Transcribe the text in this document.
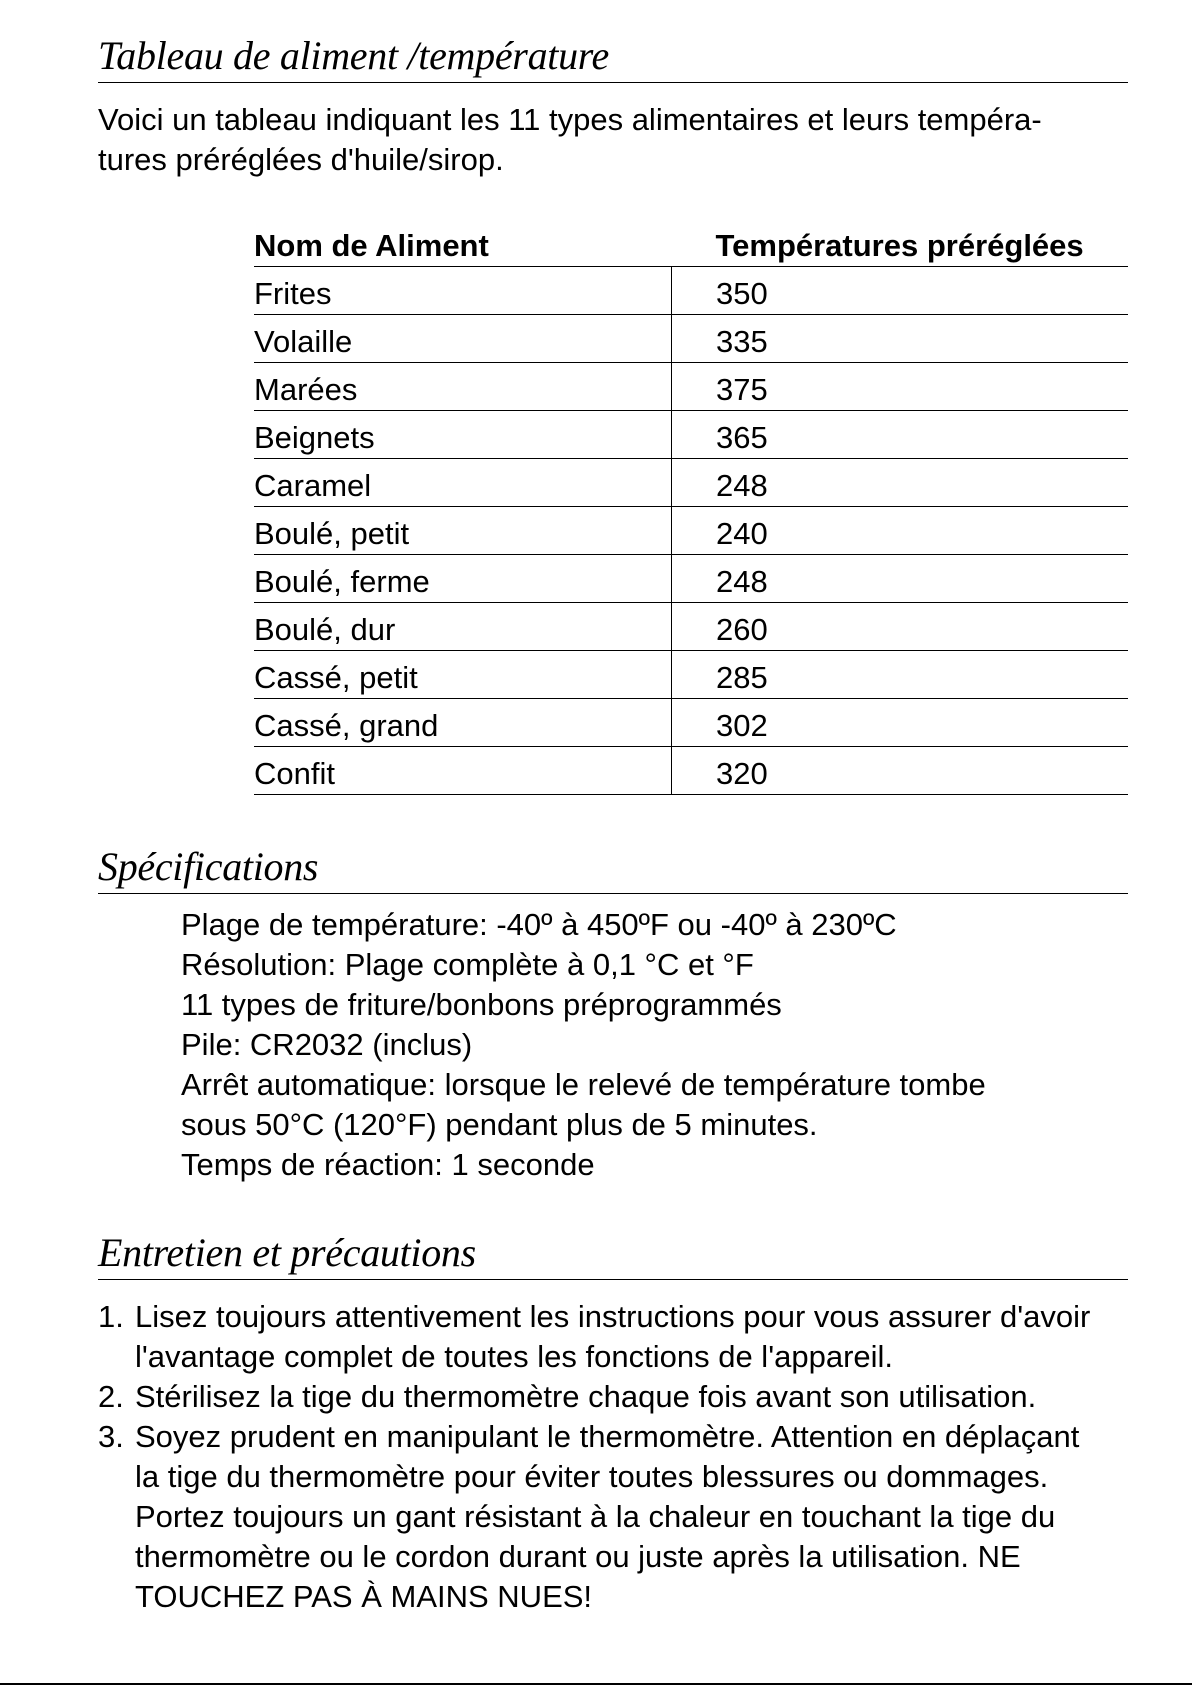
Tableau de aliment /température

Voici un tableau indiquant les 11 types alimentaires et leurs tempéra-

tures préréglées d'huile/sirop.

Nom de Aliment	Températures préréglées
Frites	350
Volaille	335
Marées	375
Beignets	365
Caramel	248
Boulé, petit	240
Boulé, ferme	248
Boulé, dur	260
Cassé, petit	285
Cassé, grand	302
Confit	320
Spécifications
Plage de température: -40º à 450ºF ou -40º à 230ºC
Résolution: Plage complète à 0,1 °C et °F
11 types de friture/bonbons préprogrammés
Pile: CR2032 (inclus)
Arrêt automatique: lorsque le relevé de température tombe
sous 50°C (120°F) pendant plus de 5 minutes.
Temps de réaction: 1 seconde
Entretien et précautions
1. Lisez toujours attentivement les instructions pour vous assurer d'avoir
l'avantage complet de toutes les fonctions de l'appareil.
2. Stérilisez la tige du thermomètre chaque fois avant son utilisation.
3. Soyez prudent en manipulant le thermomètre. Attention en déplaçant
la tige du thermomètre pour éviter toutes blessures ou dommages.
Portez toujours un gant résistant à la chaleur en touchant la tige du
thermomètre ou le cordon durant ou juste après la utilisation. NE
TOUCHEZ PAS À MAINS NUES!
